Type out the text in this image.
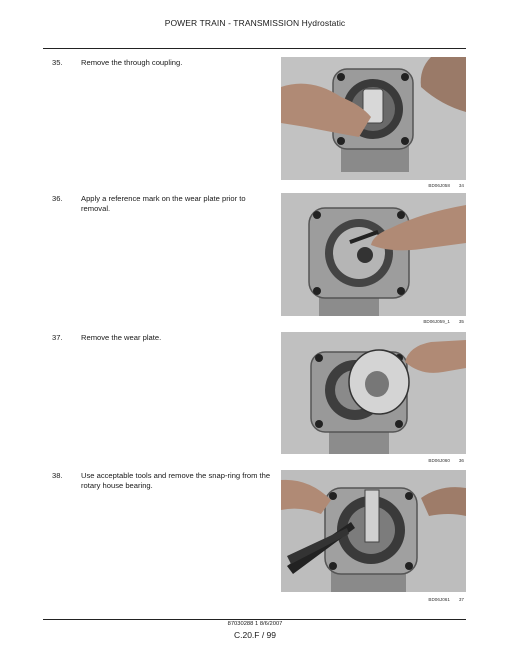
POWER TRAIN - TRANSMISSION Hydrostatic
35. Remove the through coupling.
BD06J058 34
36. Apply a reference mark on the wear plate prior to removal.
BD06J059_1 35
37. Remove the wear plate.
BD06J060 36
38. Use acceptable tools and remove the snap-ring from the rotary house bearing.
BD06J061 37
87030288 1 8/6/2007
C.20.F / 99
